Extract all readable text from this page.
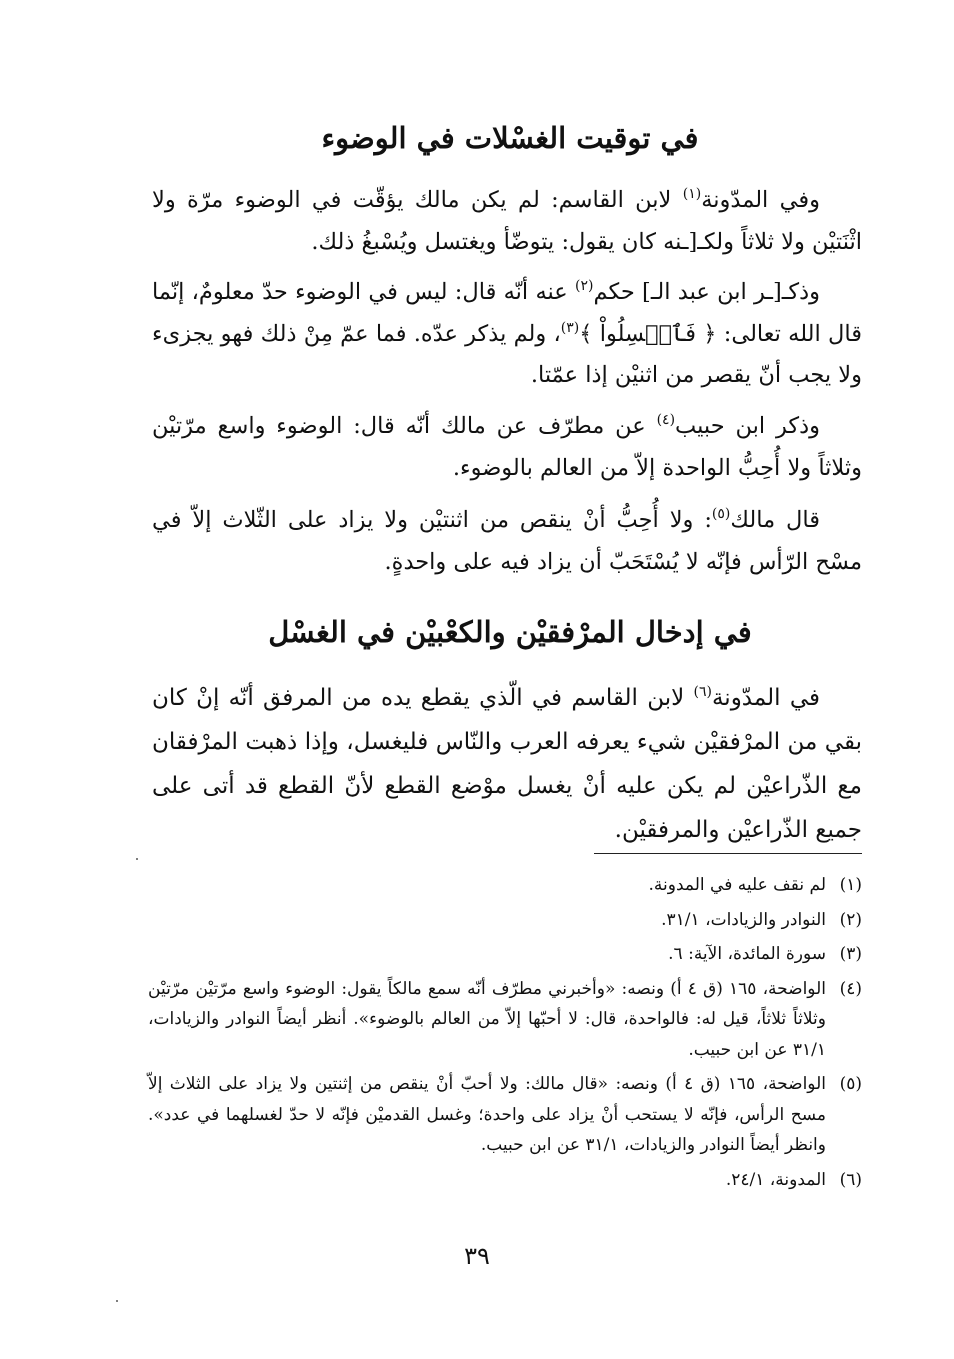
في توقيت الغسْلات في الوضوء
وفي المدّونة$^{(١)}$ لابن القاسم: لم يكن مالك يؤقّت في الوضوء مرّة ولا اثْنَتيْن ولا ثلاثاً ولكـ[ـنه كان يقول: يتوضّأ ويغتسل ويُسْبغُ ذلك.
وذكـ[ـر ابن عبد الـ] حكم$^{(٢)}$ عنه أنّه قال: ليس في الوضوء حدّ معلومٌ، إنّما قال الله تعالى: ﴿ فَٱغۡسِلُواْ ﴾$^{(٣)}$، ولم يذكر عدّه. فما عمّ مِنْ ذلك فهو يجزىء ولا يجب أنّ يقصر من اثنيْن إذا عمّتا.
وذكر ابن حبيب$^{(٤)}$ عن مطرّف عن مالك أنّه قال: الوضوء واسع مرّتيْن وثلاثاً ولا أُحِبُّ الواحدة إلاّ من العالم بالوضوء.
قال مالك$^{(٥)}$: ولا أُحِبُّ أنْ ينقص من اثنتيْن ولا يزاد على الثّلاث إلاّ في مسْح الرّأس فإنّه لا يُسْتَحَبّ أن يزاد فيه على واحدةٍ.
في إدخال المرْفقيْن والكعْبيْن في الغسْل
في المدّونة$^{(٦)}$ لابن القاسم في الّذي يقطع يده من المرفق أنّه إنْ كان بقي من المرْفقيْن شيء يعرفه العرب والنّاس فليغسل، وإذا ذهبت المرْفقان مع الذّراعيْن لم يكن عليه أنْ يغسل موْضع القطع لأنّ القطع قد أتى على جميع الذّراعيْن والمرفقيْن.
(١)
لم نقف عليه في المدونة.
(٢)
النوادر والزيادات، ٣١/١.
(٣)
سورة المائدة، الآية: ٦.
(٤)
الواضحة، ١٦٥ (ق ٤ أ) ونصه: «وأخبرني مطرّف أنّه سمع مالكاً يقول: الوضوء واسع مرّتيْن مرّتيْن وثلاثاً ثلاثاً، قيل له: فالواحدة، قال: لا أحبّها إلاّ من العالم بالوضوء». أنظر أيضاً النوادر والزيادات، ٣١/١ عن ابن حبيب.
(٥)
الواضحة، ١٦٥ (ق ٤ أ) ونصه: «قال مالك: ولا أحبّ أنْ ينقص من إثنتين ولا يزاد على الثلاث إلاّ مسح الرأس، فإنّه لا يستحب أنْ يزاد على واحدة؛ وغسل القدميْن فإنّه لا حدّ لغسلهما في عدد». وانظر أيضاً النوادر والزيادات، ٣١/١ عن ابن حبيب.
(٦)
المدونة، ٢٤/١.
٣٩
